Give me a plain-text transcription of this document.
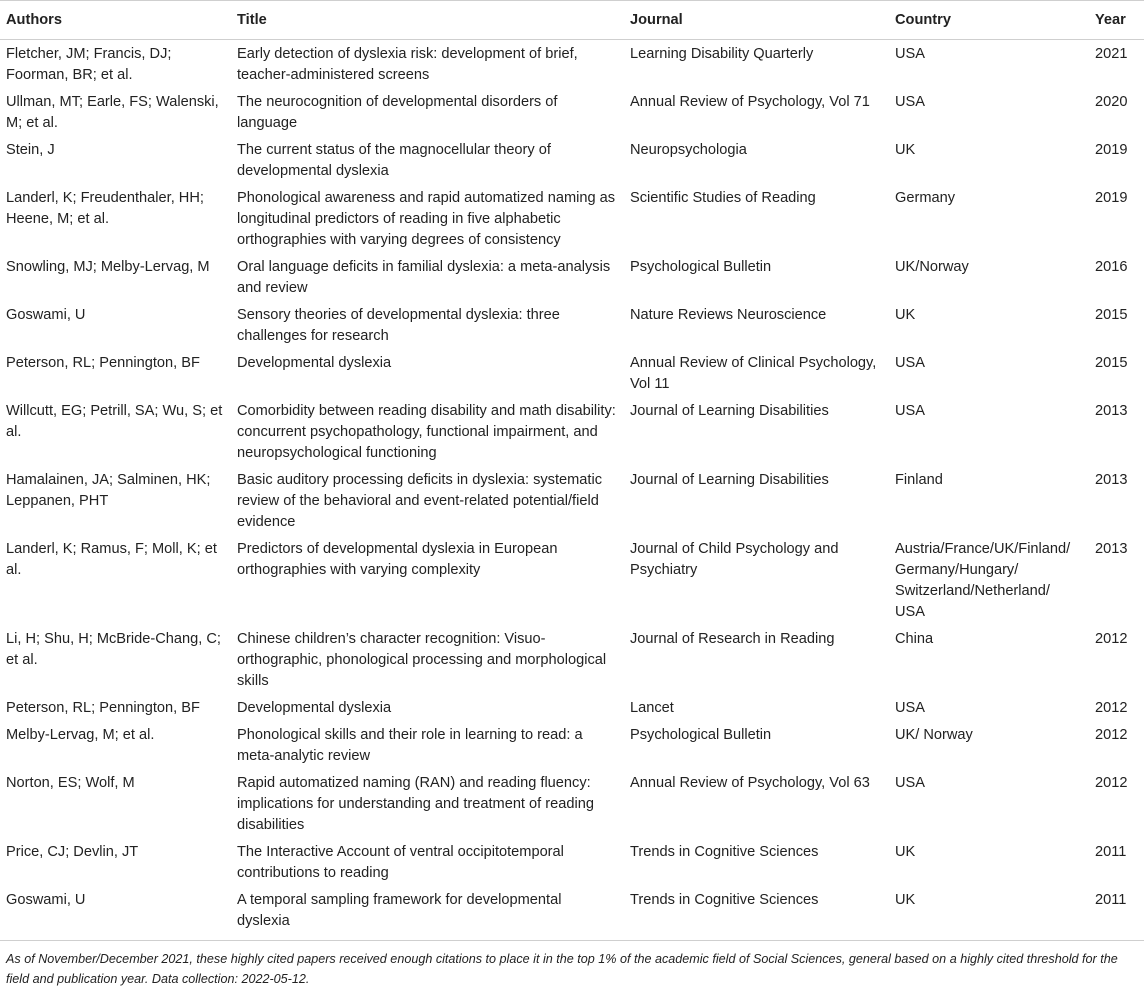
Authors	Title	Journal	Country	Year
Fletcher, JM; Francis, DJ; Foorman, BR; et al.	Early detection of dyslexia risk: development of brief, teacher-administered screens	Learning Disability Quarterly	USA	2021
Ullman, MT; Earle, FS; Walenski, M; et al.	The neurocognition of developmental disorders of language	Annual Review of Psychology, Vol 71	USA	2020
Stein, J	The current status of the magnocellular theory of developmental dyslexia	Neuropsychologia	UK	2019
Landerl, K; Freudenthaler, HH; Heene, M; et al.	Phonological awareness and rapid automatized naming as longitudinal predictors of reading in five alphabetic orthographies with varying degrees of consistency	Scientific Studies of Reading	Germany	2019
Snowling, MJ; Melby-Lervag, M	Oral language deficits in familial dyslexia: a meta-analysis and review	Psychological Bulletin	UK/Norway	2016
Goswami, U	Sensory theories of developmental dyslexia: three challenges for research	Nature Reviews Neuroscience	UK	2015
Peterson, RL; Pennington, BF	Developmental dyslexia	Annual Review of Clinical Psychology, Vol 11	USA	2015
Willcutt, EG; Petrill, SA; Wu, S; et al.	Comorbidity between reading disability and math disability: concurrent psychopathology, functional impairment, and neuropsychological functioning	Journal of Learning Disabilities	USA	2013
Hamalainen, JA; Salminen, HK; Leppanen, PHT	Basic auditory processing deficits in dyslexia: systematic review of the behavioral and event-related potential/field evidence	Journal of Learning Disabilities	Finland	2013
Landerl, K; Ramus, F; Moll, K; et al.	Predictors of developmental dyslexia in European orthographies with varying complexity	Journal of Child Psychology and Psychiatry	Austria/France/UK/Finland/ Germany/Hungary/ Switzerland/Netherland/ USA	2013
Li, H; Shu, H; McBride-Chang, C; et al.	Chinese children’s character recognition: Visuo-orthographic, phonological processing and morphological skills	Journal of Research in Reading	China	2012
Peterson, RL; Pennington, BF	Developmental dyslexia	Lancet	USA	2012
Melby-Lervag, M; et al.	Phonological skills and their role in learning to read: a meta-analytic review	Psychological Bulletin	UK/ Norway	2012
Norton, ES; Wolf, M	Rapid automatized naming (RAN) and reading fluency: implications for understanding and treatment of reading disabilities	Annual Review of Psychology, Vol 63	USA	2012
Price, CJ; Devlin, JT	The Interactive Account of ventral occipitotemporal contributions to reading	Trends in Cognitive Sciences	UK	2011
Goswami, U	A temporal sampling framework for developmental dyslexia	Trends in Cognitive Sciences	UK	2011
As of November/December 2021, these highly cited papers received enough citations to place it in the top 1% of the academic field of Social Sciences, general based on a highly cited threshold for the field and publication year. Data collection: 2022-05-12.
